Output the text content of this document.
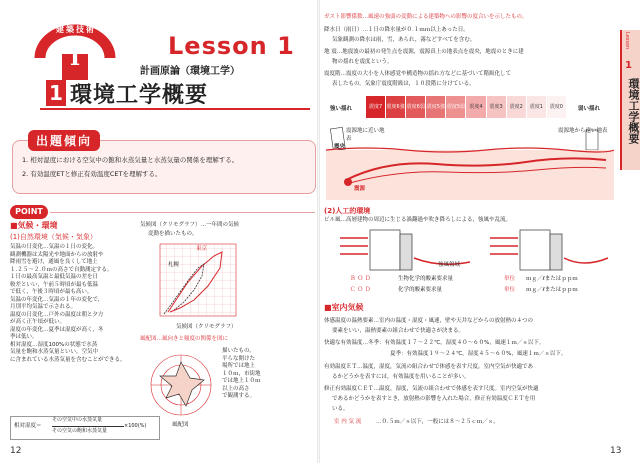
建築技術
I	Lesson 1
計画原論（環境工学）
1 環境工学概要
出題傾向
1. 相対湿度における空気中の飽和水蒸気量と水蒸気量の関係を理解する。
2. 有効温度ETと修正有効温度CETを理解する。
POINT
■気候・環境
(1)自然環境（気候・気象）
気温の日変化…気温の１日の変化。
観測機器は太陽光や地面からの放射や
降雨雪を避け，通風を良くして地上
１.２５～２.０ｍの高さで自動測定する。
１日の最高気温と最低気温の差を日
較差といい，午前５時頃が最も低温
で低く，午後３時頃が最も高い。
気温の年変化…気温の１年の変化で，
月別平均気温で示される。
温度の日変化…戸外の温度は朝と夕方
が高く正午頃が低い。
湿度の年変化…夏季は湿度が高く，冬
季は低い。
相対湿度…湿度100%の状態で水蒸
気量を飽和水蒸気量といい，空気中
に含まれている水蒸気量を含むことができる。
相対湿度＝
その空気中の水蒸気量
その空気の飽和水蒸気量
×100(%)
気候図（クリモグラフ）…一年間の気候
変動を描いたもの。
東京
札幌
気候図（クリモグラフ）
風配図…風向きと頻度の関係を図に
風配図
描いたもの。
平らな開けた
場所では地上
１０ｍ，市街地
では地上１０ｍ
以上の高さ
で観測する。
12
ガスト影響係数…風速の強弱の変動による建築物への影響の度合いを示したもの。
降水日（雨日）…１日の降水量が０.１ｍｍ以上あった日。
気象観測の降水は雨，雪，あられ，霧などすべてを含む。
地 震…地震波の最初の発生点を震源，震源真上の地表点を震央，地震のときに建
物の揺れを震度という。
震度階…震度の大小を人体感覚や構造物の揺れ方などに基づいて階級化して
表したもの。気象庁震度階級は，１０段階に分けている。
強い揺れ	弱い揺れ
震度7 震度6強 震度6弱 震度5強 震度5弱 震度4	震度3	震度2	震度1	震度0
震源地に近い地表
震源地から遠い地表
震央
震源
(2)人工的環境
ビル風…高層建物の周辺に生じる渦翻過や吹き降ろしによる，強風や乱流。
強風領域
ＢＯＤ	生物化学的酸素要求量	単位 ｍｇ／ℓまたはｐｐｍ
ＣＯＤ	化学的酸素要求量	単位 ｍｇ／ℓまたはｐｐｍ
■室内気候
体感温度の温熱要素…室内の温度・湿度・風速，壁や天井などからの放射熱の４つの
要素をいい，温熱要素の組合わせで快適さが決まる。
快適な有効温度…冬季：有効温度１７～２２℃，湿度４０～６０%，風速１ｍ／ｓ以下。
夏季：有効温度１９～２４℃，湿度４５～６０%，風速１ｍ／ｓ以下。
有効温度ＥＴ…温度，湿度，気流の組合わせで体感を表す尺度。室内空気が快適であ
るかどうかを表すには，有効温度を用いることが多い。
修正有効温度ＣＥＴ…温度，湿度，気流の組合わせで体感を表す尺度。室内空気が快適
であるかどうかを表すとき，放射熱の影響を入れた場合，修正有効温度ＣＥＴを用
いる。
室 内 気 流	…０.５ｍ／ｓ以下，一般には８～２５ｃｍ／ｓ。
13
Lesson
1
環境工学概要
